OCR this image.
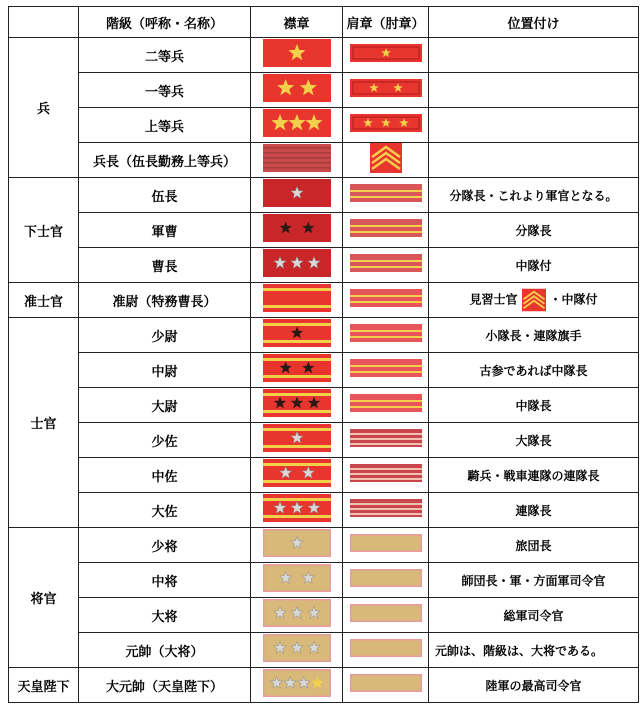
	階級（呼称・名称）	襟章	肩章（肘章）	位置付け
兵	二等兵			
	一等兵			
	上等兵			
	兵長（伍長勤務上等兵）			
下士官	伍長			分隊長・これより軍官となる。
	軍曹			分隊長
	曹長			中隊付
准士官	准尉（特務曹長）			見習士官 ・中隊付
士官	少尉			小隊長・連隊旗手
	中尉			古参であれば中隊長
	大尉			中隊長
	少佐			大隊長
	中佐			騎兵・戦車連隊の連隊長
	大佐			連隊長
将官	少将			旅団長
	中将			師団長・軍・方面軍司令官
	大将			総軍司令官
	元帥（大将）			元帥は、階級は、大将である。
天皇陛下	大元帥（天皇陛下）			陸軍の最高司令官
